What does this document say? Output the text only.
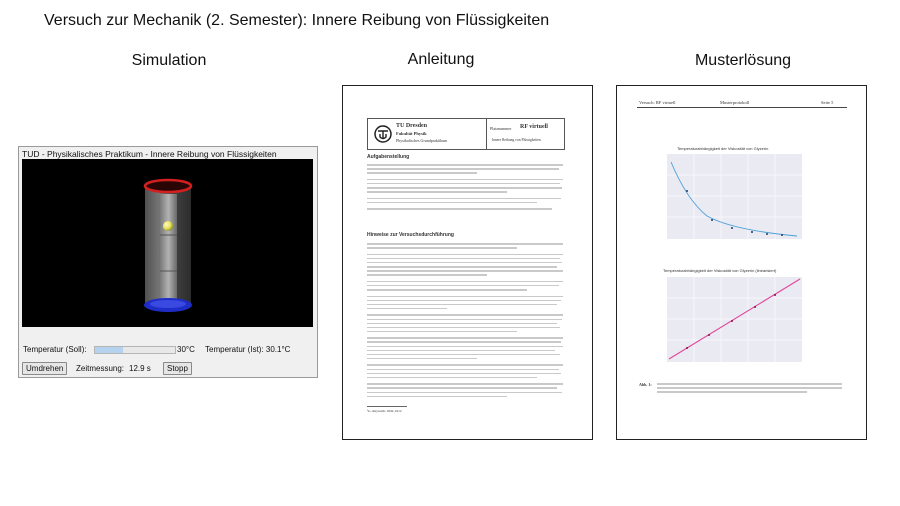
Versuch zur Mechanik (2. Semester): Innere Reibung von Flüssigkeiten
Simulation	Anleitung	Musterlösung
TUD - Physikalisches Praktikum - Innere Reibung von Flüssigkeiten
Temperatur (Soll):	30°C Temperatur (Ist): 30.1°C
Umdrehen	Zeitmessung: 12.9 s	Stopp
TU Dresden
Fakultät Physik
Physikalisches Grundpraktikum
Platznummer RF virtuell
Innere Reibung von Flüssigkeiten
Aufgabenstellung
Hinweise zur Versuchsdurchführung
¹G. Reynolds 1842-1912
Versuch: RF virtuell	Musterprotokoll	Seite 5
Temperaturabhängigkeit der Viskosität von Glyzerin
Temperaturabhängigkeit der Viskosität von Glyzerin (linearisiert)
Abb. 1:
